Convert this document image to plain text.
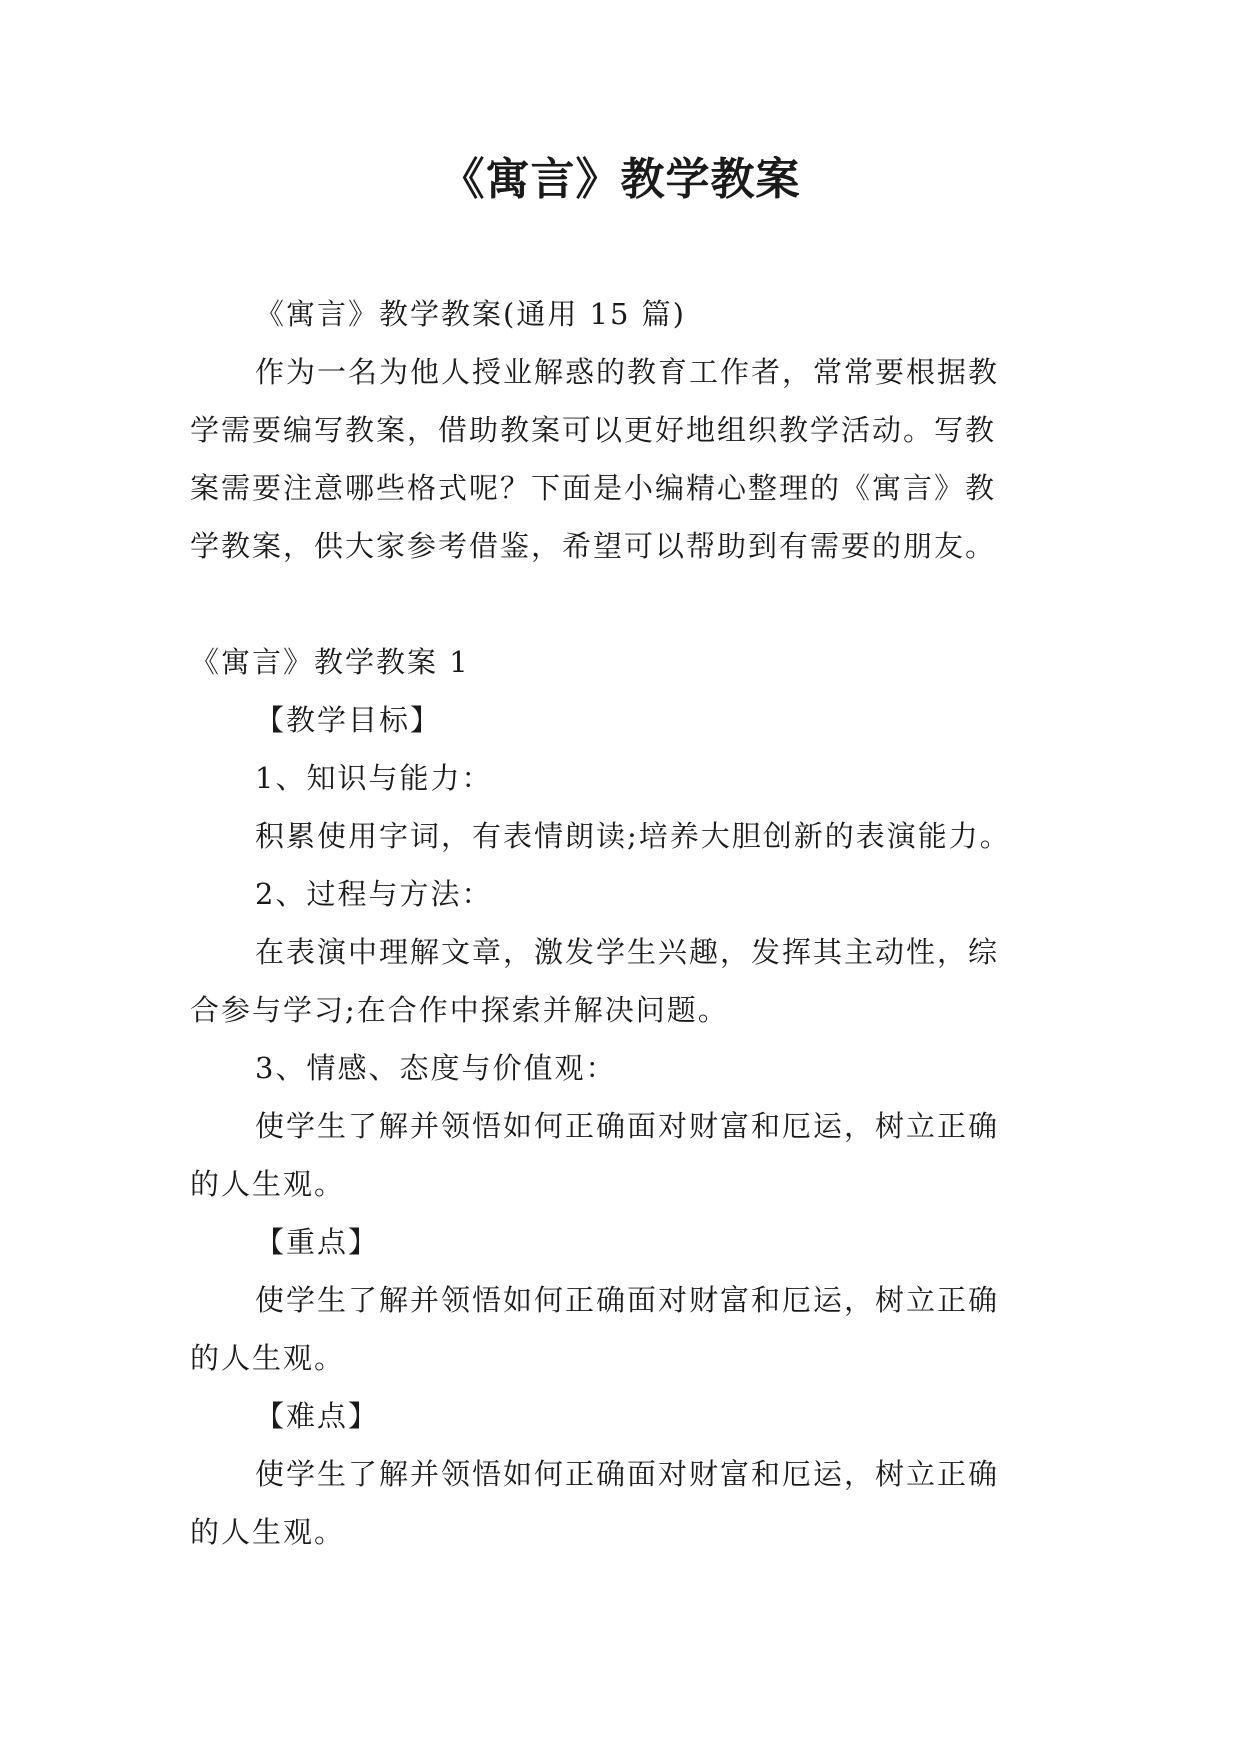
《寓言》教学教案

《寓言》教学教案(通用 15 篇)

作为一名为他人授业解惑的教育工作者，常常要根据教

学需要编写教案，借助教案可以更好地组织教学活动。写教

案需要注意哪些格式呢？下面是小编精心整理的《寓言》教

学教案，供大家参考借鉴，希望可以帮助到有需要的朋友。

《寓言》教学教案 1

【教学目标】

1、知识与能力：

积累使用字词，有表情朗读;培养大胆创新的表演能力。

2、过程与方法：

在表演中理解文章，激发学生兴趣，发挥其主动性，综

合参与学习;在合作中探索并解决问题。

3、情感、态度与价值观：

使学生了解并领悟如何正确面对财富和厄运，树立正确

的人生观。

【重点】

使学生了解并领悟如何正确面对财富和厄运，树立正确

的人生观。

【难点】

使学生了解并领悟如何正确面对财富和厄运，树立正确

的人生观。
